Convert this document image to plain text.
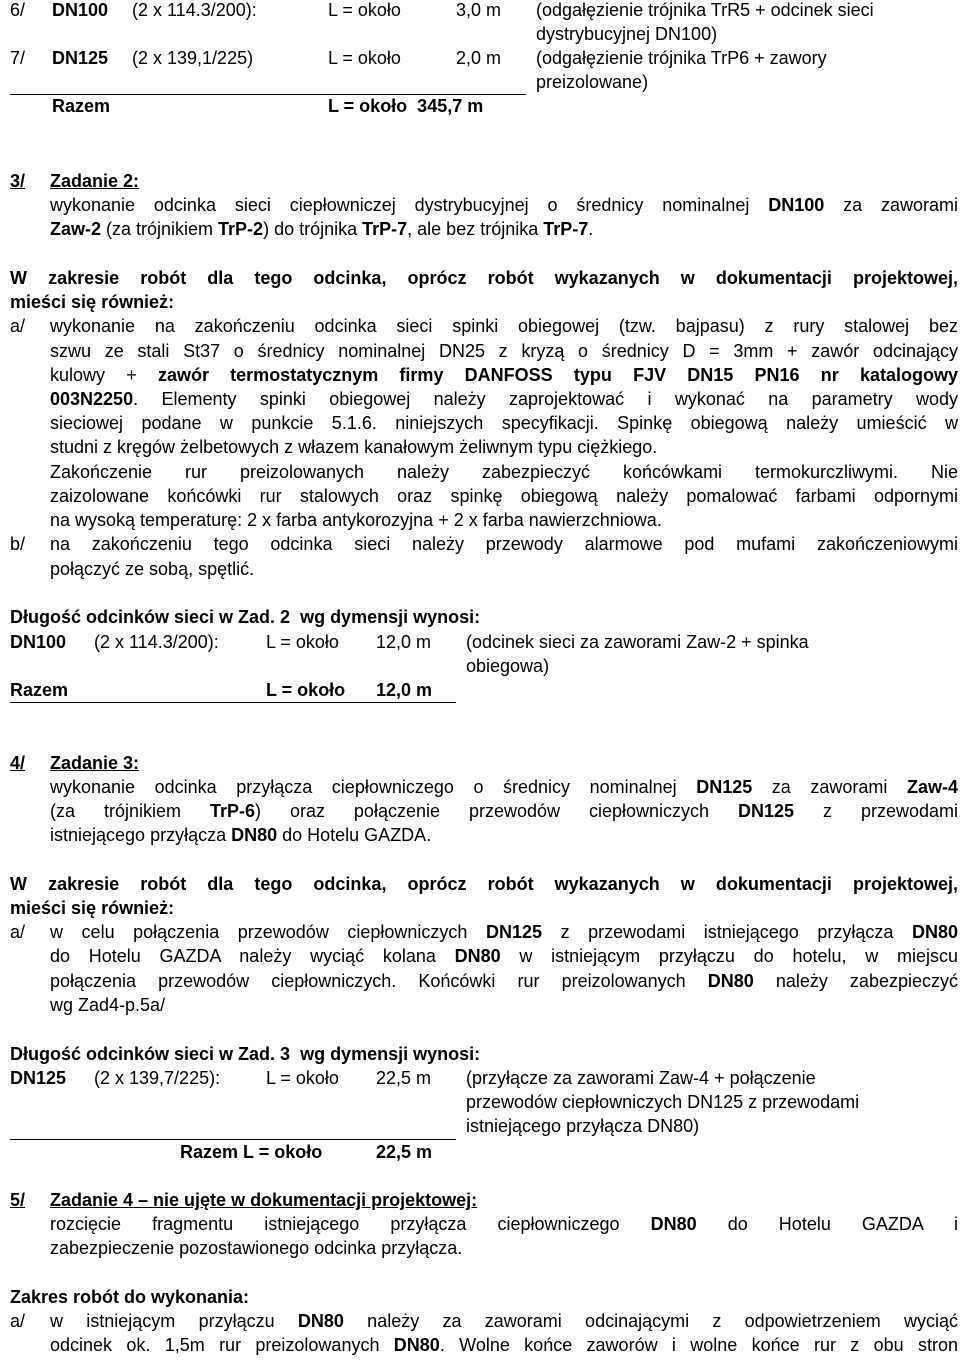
6/ DN100 (2 x 114.3/200):	L = około	3,0 m (odgałęzienie trójnika TrR5 + odcinek sieci
dystrybucyjnej DN100)
7/ DN125 (2 x 139,1/225)	L = około	2,0 m (odgałęzienie trójnika TrP6 + zawory
preizolowane)
Razem	L = około  345,7 m
3/ Zadanie 2:
wykonanie odcinka sieci ciepłowniczej dystrybucyjnej o średnicy nominalnej DN100 za zaworami
Zaw-2 (za trójnikiem TrP-2) do trójnika TrP-7, ale bez trójnika TrP-7.
W zakresie robót dla tego odcinka, oprócz robót wykazanych w dokumentacji projektowej,
mieści się również:
a/ wykonanie na zakończeniu odcinka sieci spinki obiegowej (tzw. bajpasu) z rury stalowej bez
szwu ze stali St37 o średnicy nominalnej DN25 z kryzą o średnicy D = 3mm + zawór odcinający
kulowy + zawór termostatycznym firmy DANFOSS typu FJV DN15 PN16 nr katalogowy
003N2250. Elementy spinki obiegowej należy zaprojektować i wykonać na parametry wody
sieciowej podane w punkcie 5.1.6. niniejszych specyfikacji. Spinkę obiegową należy umieścić w
studni z kręgów żelbetowych z włazem kanałowym żeliwnym typu ciężkiego.
Zakończenie rur preizolowanych należy zabezpieczyć końcówkami termokurczliwymi. Nie
zaizolowane końcówki rur stalowych oraz spinkę obiegową należy pomalować farbami odpornymi
na wysoką temperaturę: 2 x farba antykorozyjna + 2 x farba nawierzchniowa.
b/ na zakończeniu tego odcinka sieci należy przewody alarmowe pod mufami zakończeniowymi
połączyć ze sobą, spętlić.
Długość odcinków sieci w Zad. 2  wg dymensji wynosi:
DN100 (2 x 114.3/200):	L = około 12,0 m (odcinek sieci za zaworami Zaw-2 + spinka
obiegowa)
Razem	L = około 12,0 m
4/ Zadanie 3:
wykonanie odcinka przyłącza ciepłowniczego o średnicy nominalnej DN125 za zaworami Zaw-4
(za trójnikiem TrP-6) oraz połączenie przewodów ciepłowniczych DN125 z przewodami
istniejącego przyłącza DN80 do Hotelu GAZDA.
W zakresie robót dla tego odcinka, oprócz robót wykazanych w dokumentacji projektowej,
mieści się również:
a/ w celu połączenia przewodów ciepłowniczych DN125 z przewodami istniejącego przyłącza DN80
do Hotelu GAZDA należy wyciąć kolana DN80 w istniejącym przyłączu do hotelu, w miejscu
połączenia przewodów ciepłowniczych. Końcówki rur preizolowanych DN80 należy zabezpieczyć
wg Zad4-p.5a/
Długość odcinków sieci w Zad. 3  wg dymensji wynosi:
DN125 (2 x 139,7/225):	L = około 22,5 m (przyłącze za zaworami Zaw-4 + połączenie
przewodów ciepłowniczych DN125 z przewodami
istniejącego przyłącza DN80)
Razem L = około	22,5 m
5/ Zadanie 4 – nie ujęte w dokumentacji projektowej:
rozcięcie fragmentu istniejącego przyłącza ciepłowniczego DN80 do Hotelu GAZDA i
zabezpieczenie pozostawionego odcinka przyłącza.
Zakres robót do wykonania:
a/ w istniejącym przyłączu DN80 należy za zaworami odcinającymi z odpowietrzeniem wyciąć
odcinek ok. 1,5m rur preizolowanych DN80. Wolne końce zaworów i wolne końce rur z obu stron
